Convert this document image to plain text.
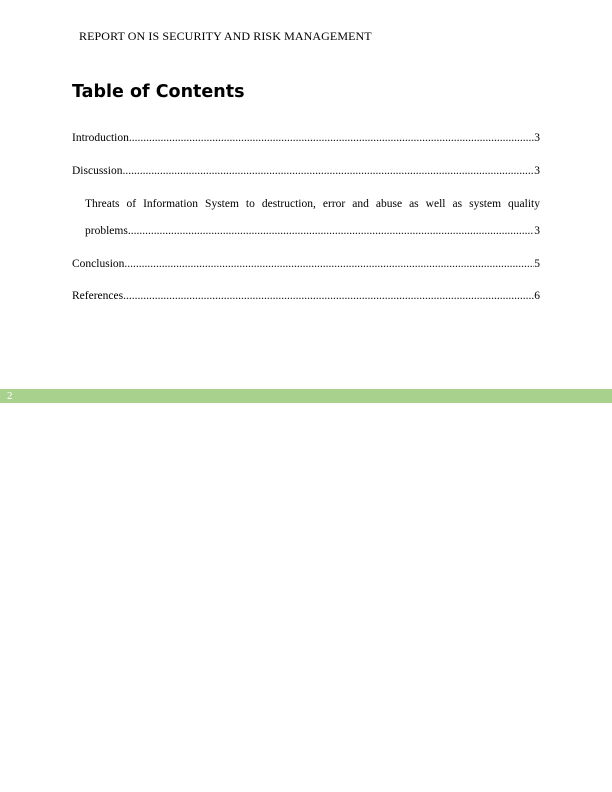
REPORT ON IS SECURITY AND RISK MANAGEMENT
Table of Contents
Introduction .....	3
Discussion .....	3
Threats of Information System to destruction, error and abuse as well as system quality
problems .....	3
Conclusion .....	5
References .....	6
2
